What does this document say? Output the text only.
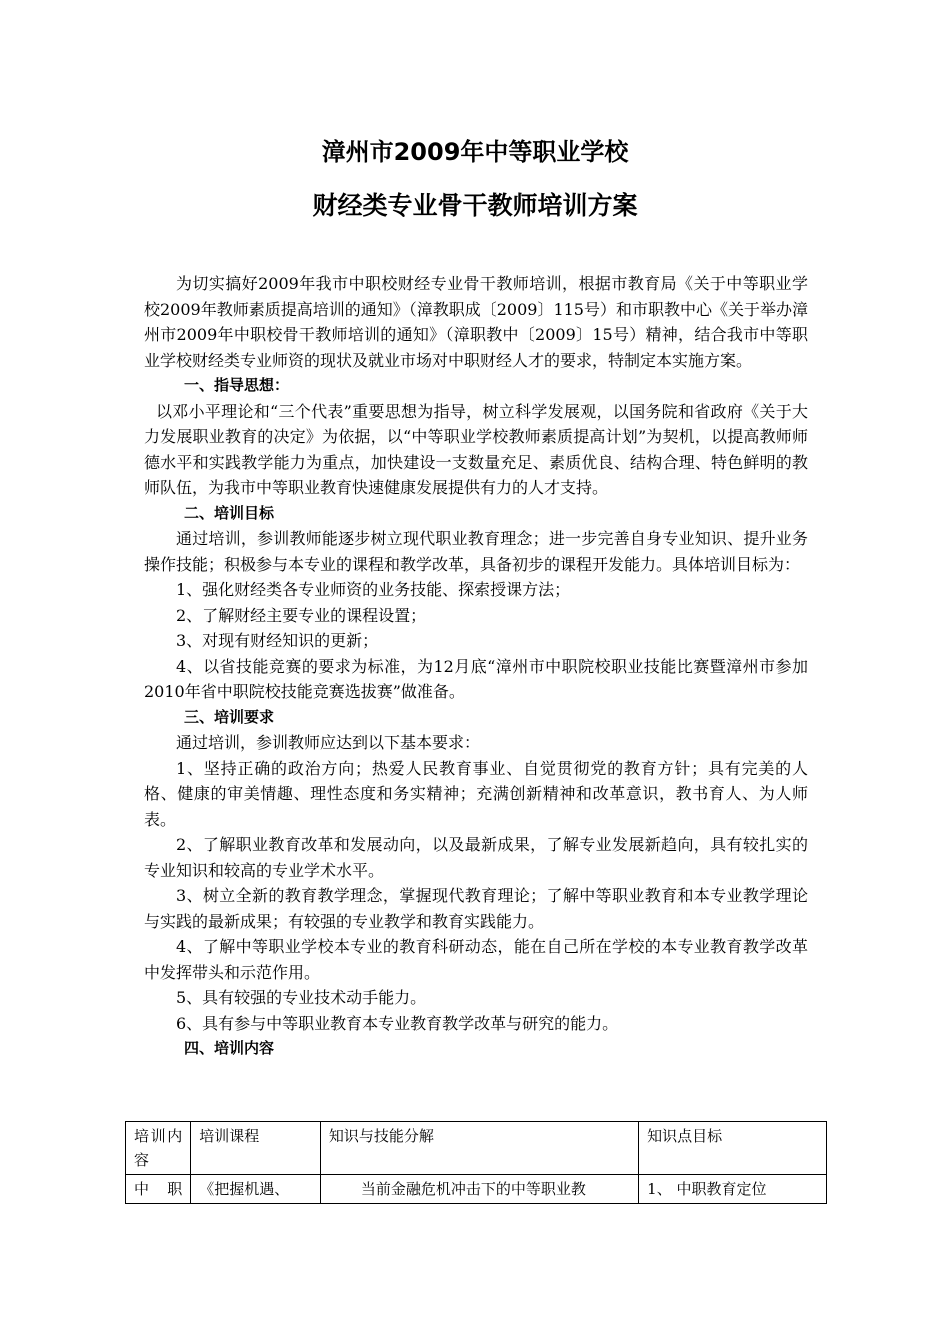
漳州市2009年中等职业学校
财经类专业骨干教师培训方案

为切实搞好2009年我市中职校财经专业骨干教师培训，根据市教育局《关于中等职业学校2009年教师素质提高培训的通知》（漳教职成〔2009〕115号）和市职教中心《关于举办漳州市2009年中职校骨干教师培训的通知》（漳职教中〔2009〕15号）精神，结合我市中等职业学校财经类专业师资的现状及就业市场对中职财经人才的要求，特制定本实施方案。

一、指导思想：

以邓小平理论和“三个代表”重要思想为指导，树立科学发展观，以国务院和省政府《关于大力发展职业教育的决定》为依据，以“中等职业学校教师素质提高计划”为契机，以提高教师师德水平和实践教学能力为重点，加快建设一支数量充足、素质优良、结构合理、特色鲜明的教师队伍，为我市中等职业教育快速健康发展提供有力的人才支持。

二、培训目标

通过培训，参训教师能逐步树立现代职业教育理念；进一步完善自身专业知识、提升业务操作技能；积极参与本专业的课程和教学改革，具备初步的课程开发能力。具体培训目标为：

1、强化财经类各专业师资的业务技能、探索授课方法；

2、了解财经主要专业的课程设置；

3、对现有财经知识的更新；

4、以省技能竞赛的要求为标准，为12月底“漳州市中职院校职业技能比赛暨漳州市参加2010年省中职院校技能竞赛选拔赛”做准备。

三、培训要求

通过培训，参训教师应达到以下基本要求：

1、坚持正确的政治方向；热爱人民教育事业、自觉贯彻党的教育方针；具有完美的人格、健康的审美情趣、理性态度和务实精神；充满创新精神和改革意识，教书育人、为人师表。

2、了解职业教育改革和发展动向，以及最新成果，了解专业发展新趋向，具有较扎实的专业知识和较高的专业学术水平。

3、树立全新的教育教学理念，掌握现代教育理论；了解中等职业教育和本专业教学理论与实践的最新成果；有较强的专业教学和教育实践能力。

4、了解中等职业学校本专业的教育科研动态，能在自己所在学校的本专业教育教学改革中发挥带头和示范作用。

5、具有较强的专业技术动手能力。

6、具有参与中等职业教育本专业教育教学改革与研究的能力。

四、培训内容

培训内容	培训课程	知识与技能分解	知识点目标
中职	《把握机遇、	当前金融危机冲击下的中等职业教	1、 中职教育定位
